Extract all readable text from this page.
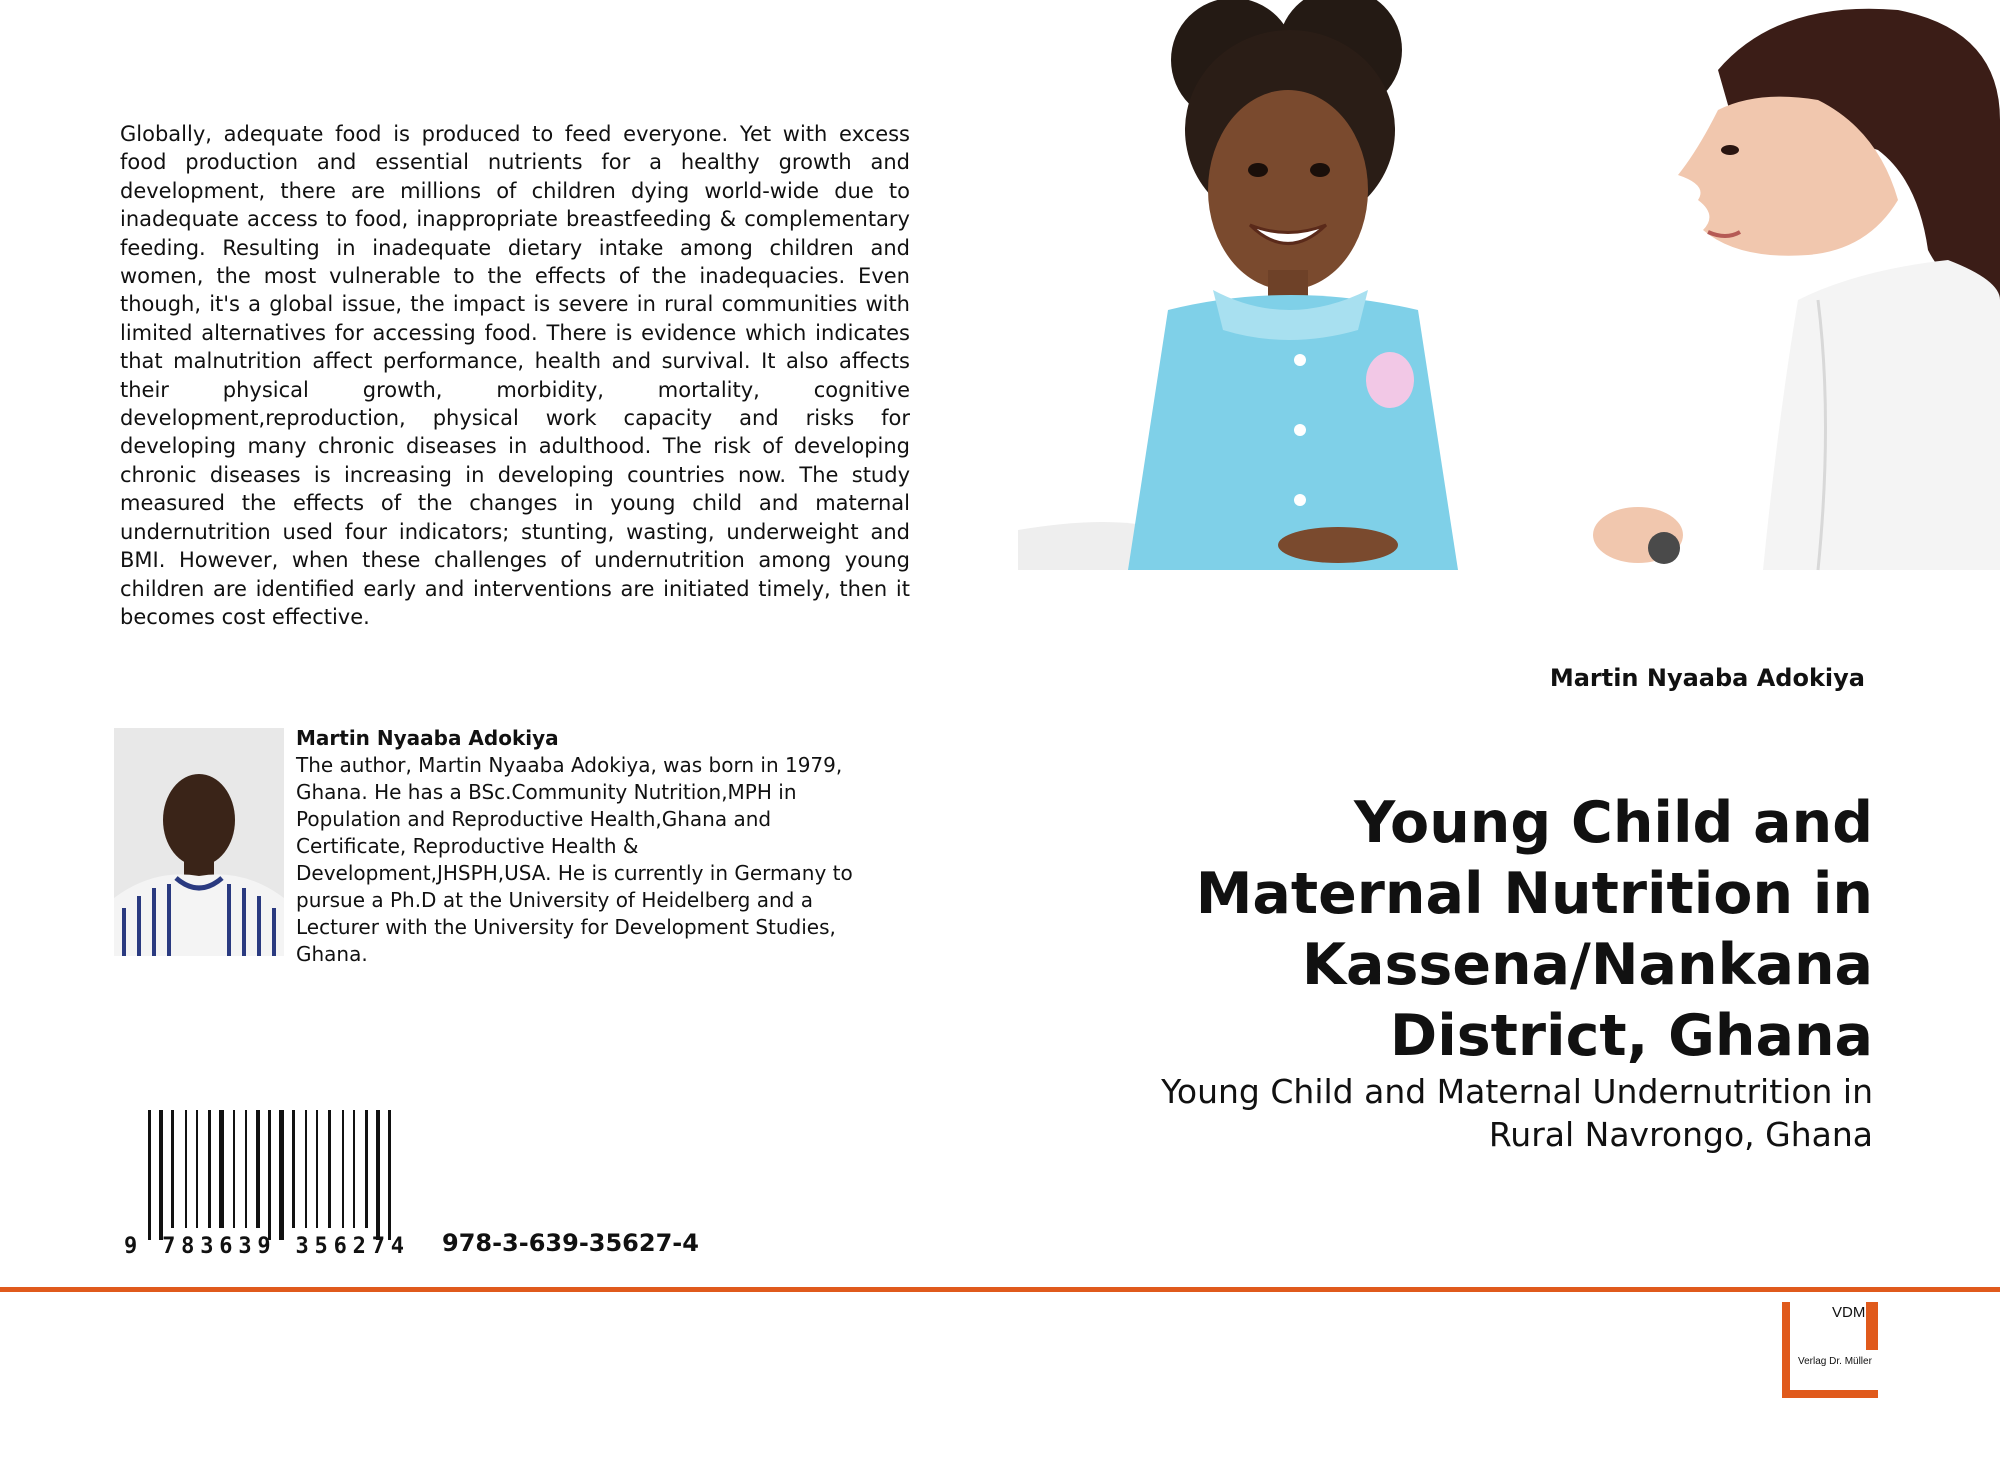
Globally, adequate food is produced to feed everyone. Yet with excess food production and essential nutrients for a healthy growth and development, there are millions of children dying world-wide due to inadequate access to food, inappropriate breastfeeding & complementary feeding. Resulting in inadequate dietary intake among children and women, the most vulnerable to the effects of the inadequacies. Even though, it's a global issue, the impact is severe in rural communities with limited alternatives for accessing food. There is evidence which indicates that malnutrition affect performance, health and survival. It also affects their physical growth, morbidity, mortality, cognitive development,reproduction, physical work capacity and risks for developing many chronic diseases in adulthood. The risk of developing chronic diseases is increasing in developing countries now. The study measured the effects of the changes in young child and maternal undernutrition used four indicators; stunting, wasting, underweight and BMI. However, when these challenges of undernutrition among young children are identified early and interventions are initiated timely, then it becomes cost effective.
Martin Nyaaba Adokiya
The author, Martin Nyaaba Adokiya, was born in 1979, Ghana. He has a BSc.Community Nutrition,MPH in Population and Reproductive Health,Ghana and Certificate, Reproductive Health & Development,JHSPH,USA. He is currently in Germany to pursue a Ph.D at the University of Heidelberg and a Lecturer with the University for Development Studies, Ghana.
Martin Nyaaba Adokiya
Young Child and Maternal Nutrition in Kassena/Nankana District, Ghana
Young Child and Maternal Undernutrition in Rural Navrongo, Ghana
9 783639 356274 978-3-639-35627-4
VDM
Verlag Dr. Müller
